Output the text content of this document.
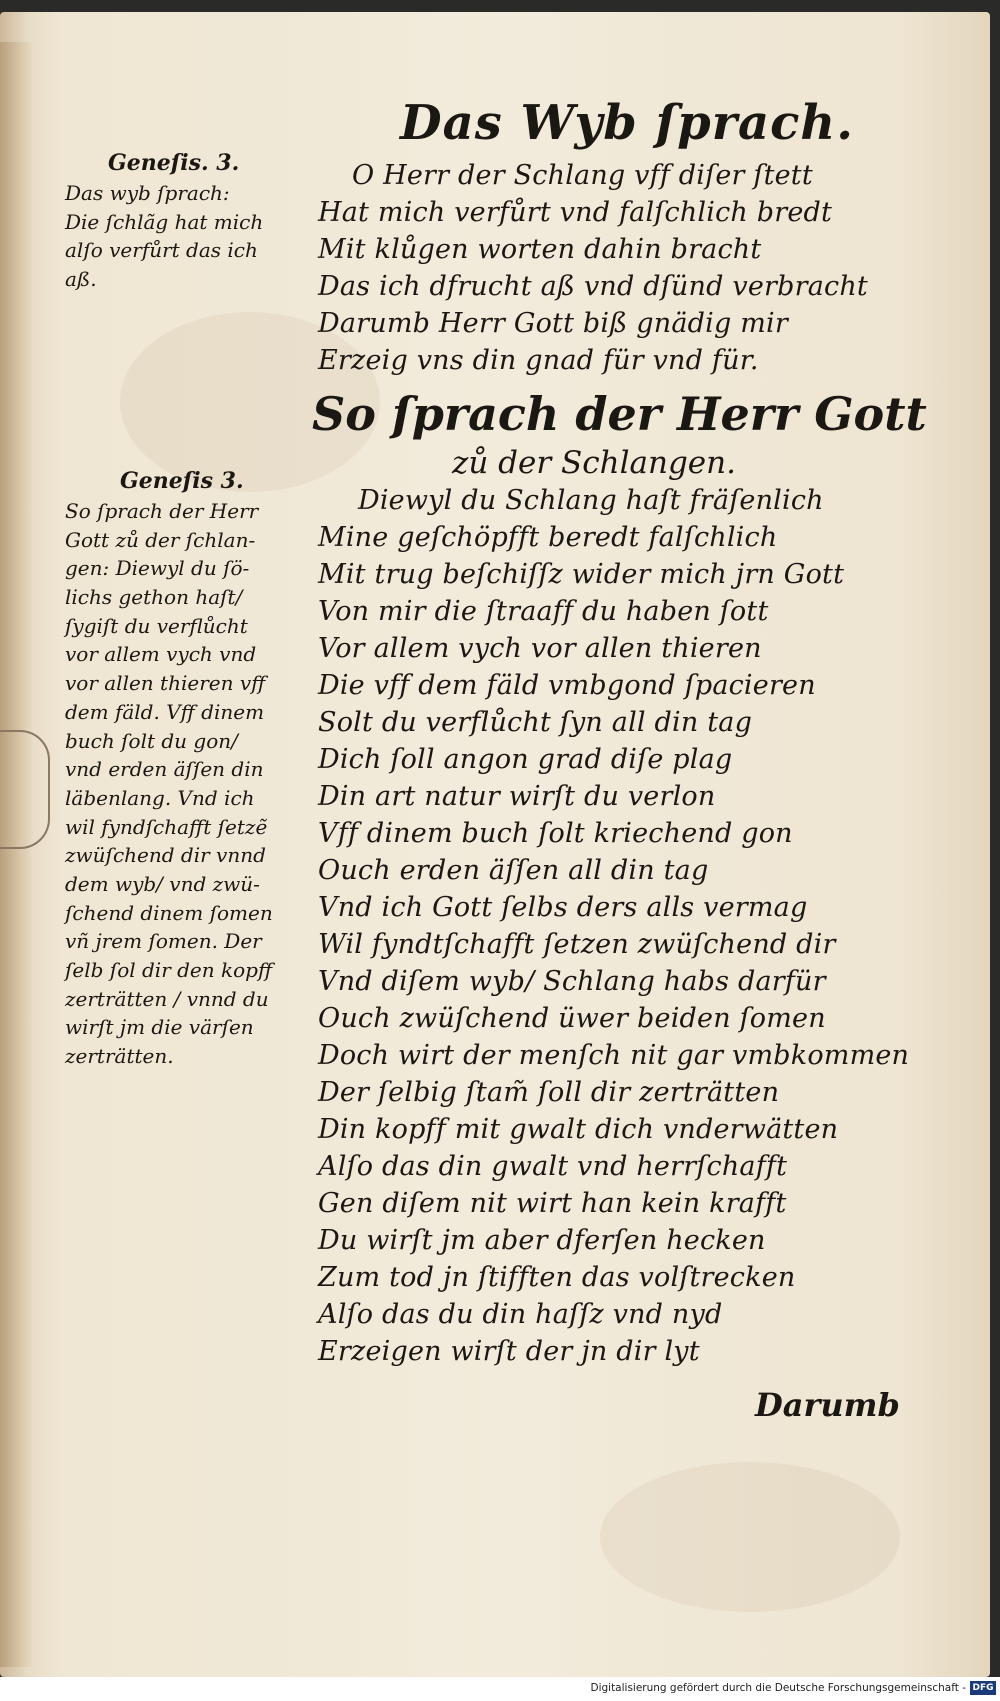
Das Wyb ſprach.
Geneſis. 3.
Das wyb ſprach:
Die ſchlãg hat mich
alſo verfůrt das ich
aß.
O Herr der Schlang vff diſer ſtett
Hat mich verfůrt vnd falſchlich bredt
Mit klůgen worten dahin bracht
Das ich dfrucht aß vnd dſünd verbracht
Darumb Herr Gott biß gnädig mir
Erzeig vns din gnad für vnd für.
So ſprach der Herr Gott
zů der Schlangen.
Geneſis 3.
So ſprach der Herr
Gott zů der ſchlan-
gen: Diewyl du ſö-
lichs gethon haſt/
ſygiſt du verflůcht
vor allem vych vnd
vor allen thieren vff
dem fäld. Vff dinem
buch ſolt du gon/
vnd erden äſſen din
läbenlang. Vnd ich
wil fyndſchafft ſetzẽ
zwüſchend dir vnnd
dem wyb/ vnd zwü-
ſchend dinem ſomen
vñ jrem ſomen. Der
ſelb ſol dir den kopff
zerträtten / vnnd du
wirſt jm die värſen
zerträtten.
Diewyl du Schlang haſt fräſenlich
Mine geſchöpfft beredt falſchlich
Mit trug beſchiſſz wider mich jrn Gott
Von mir die ſtraaff du haben ſott
Vor allem vych vor allen thieren
Die vff dem fäld vmbgond ſpacieren
Solt du verflůcht ſyn all din tag
Dich ſoll angon grad diſe plag
Din art natur wirſt du verlon
Vff dinem buch ſolt kriechend gon
Ouch erden äſſen all din tag
Vnd ich Gott ſelbs ders alls vermag
Wil fyndtſchafft ſetzen zwüſchend dir
Vnd diſem wyb/ Schlang habs darfür
Ouch zwüſchend üwer beiden ſomen
Doch wirt der menſch nit gar vmbkommen
Der ſelbig ſtam̃ ſoll dir zerträtten
Din kopff mit gwalt dich vnderwätten
Alſo das din gwalt vnd herrſchafft
Gen diſem nit wirt han kein krafft
Du wirſt jm aber dferſen hecken
Zum tod jn ſtifften das volſtrecken
Alſo das du din haſſz vnd nyd
Erzeigen wirſt der jn dir lyt
Darumb
Digitalisierung gefördert durch die Deutsche Forschungsgemeinschaft - DFG
